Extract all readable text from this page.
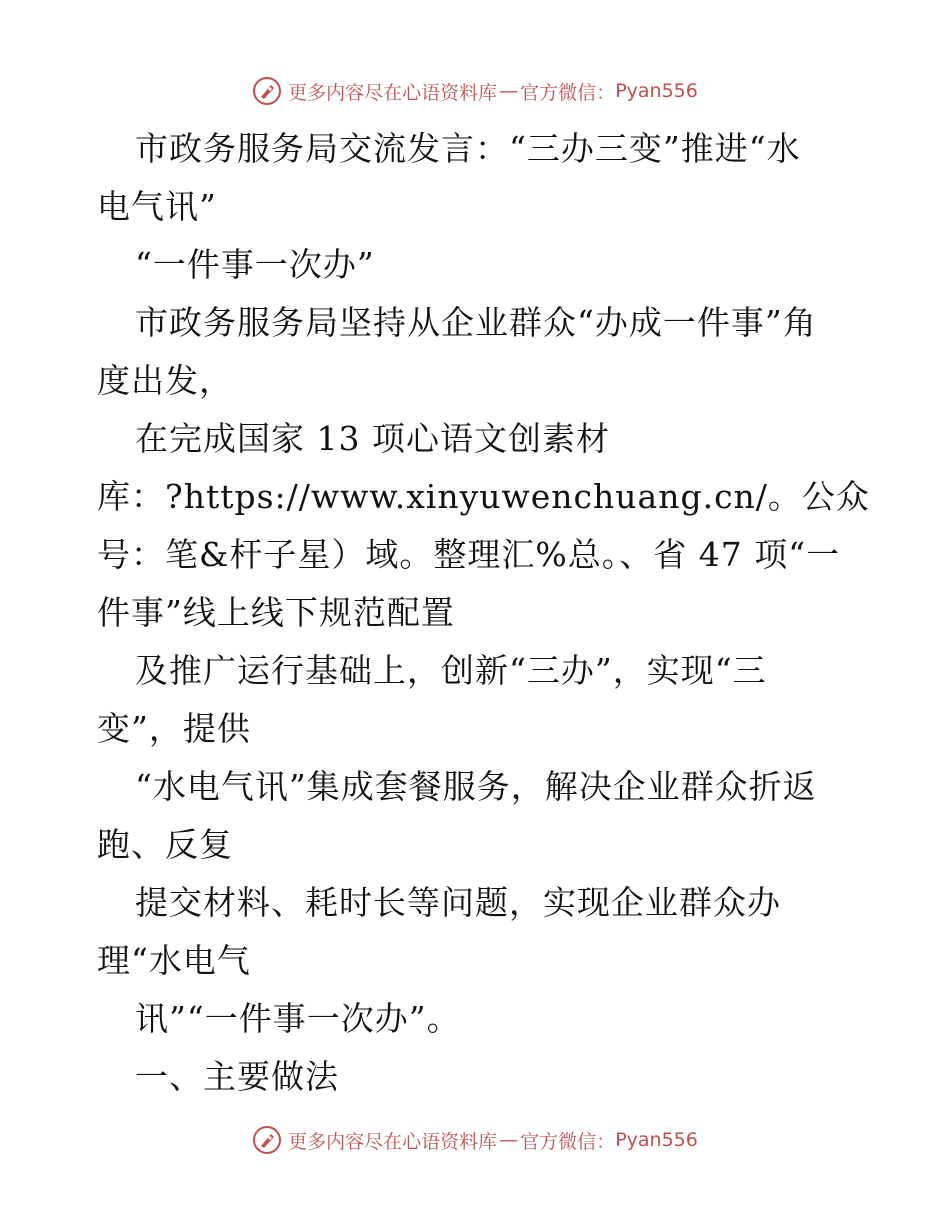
更多内容尽在心语资料库 — 官方微信： Pyan556
市政务服务局交流发言：“三办三变”推进“水
电气讯”
“一件事一次办”
市政务服务局坚持从企业群众“办成一件事”角
度出发，
在完成国家 13 项心语文创素材
库：?https://www.xinyuwenchuang.cn/。公众
号：笔&杆子星）域。整理汇%总。、省 47 项“一
件事”线上线下规范配置
及推广运行基础上，创新“三办”，实现“三
变”，提供
“水电气讯”集成套餐服务，解决企业群众折返
跑、反复
提交材料、耗时长等问题，实现企业群众办
理“水电气
讯”“一件事一次办”。
一、主要做法
更多内容尽在心语资料库 — 官方微信： Pyan556
